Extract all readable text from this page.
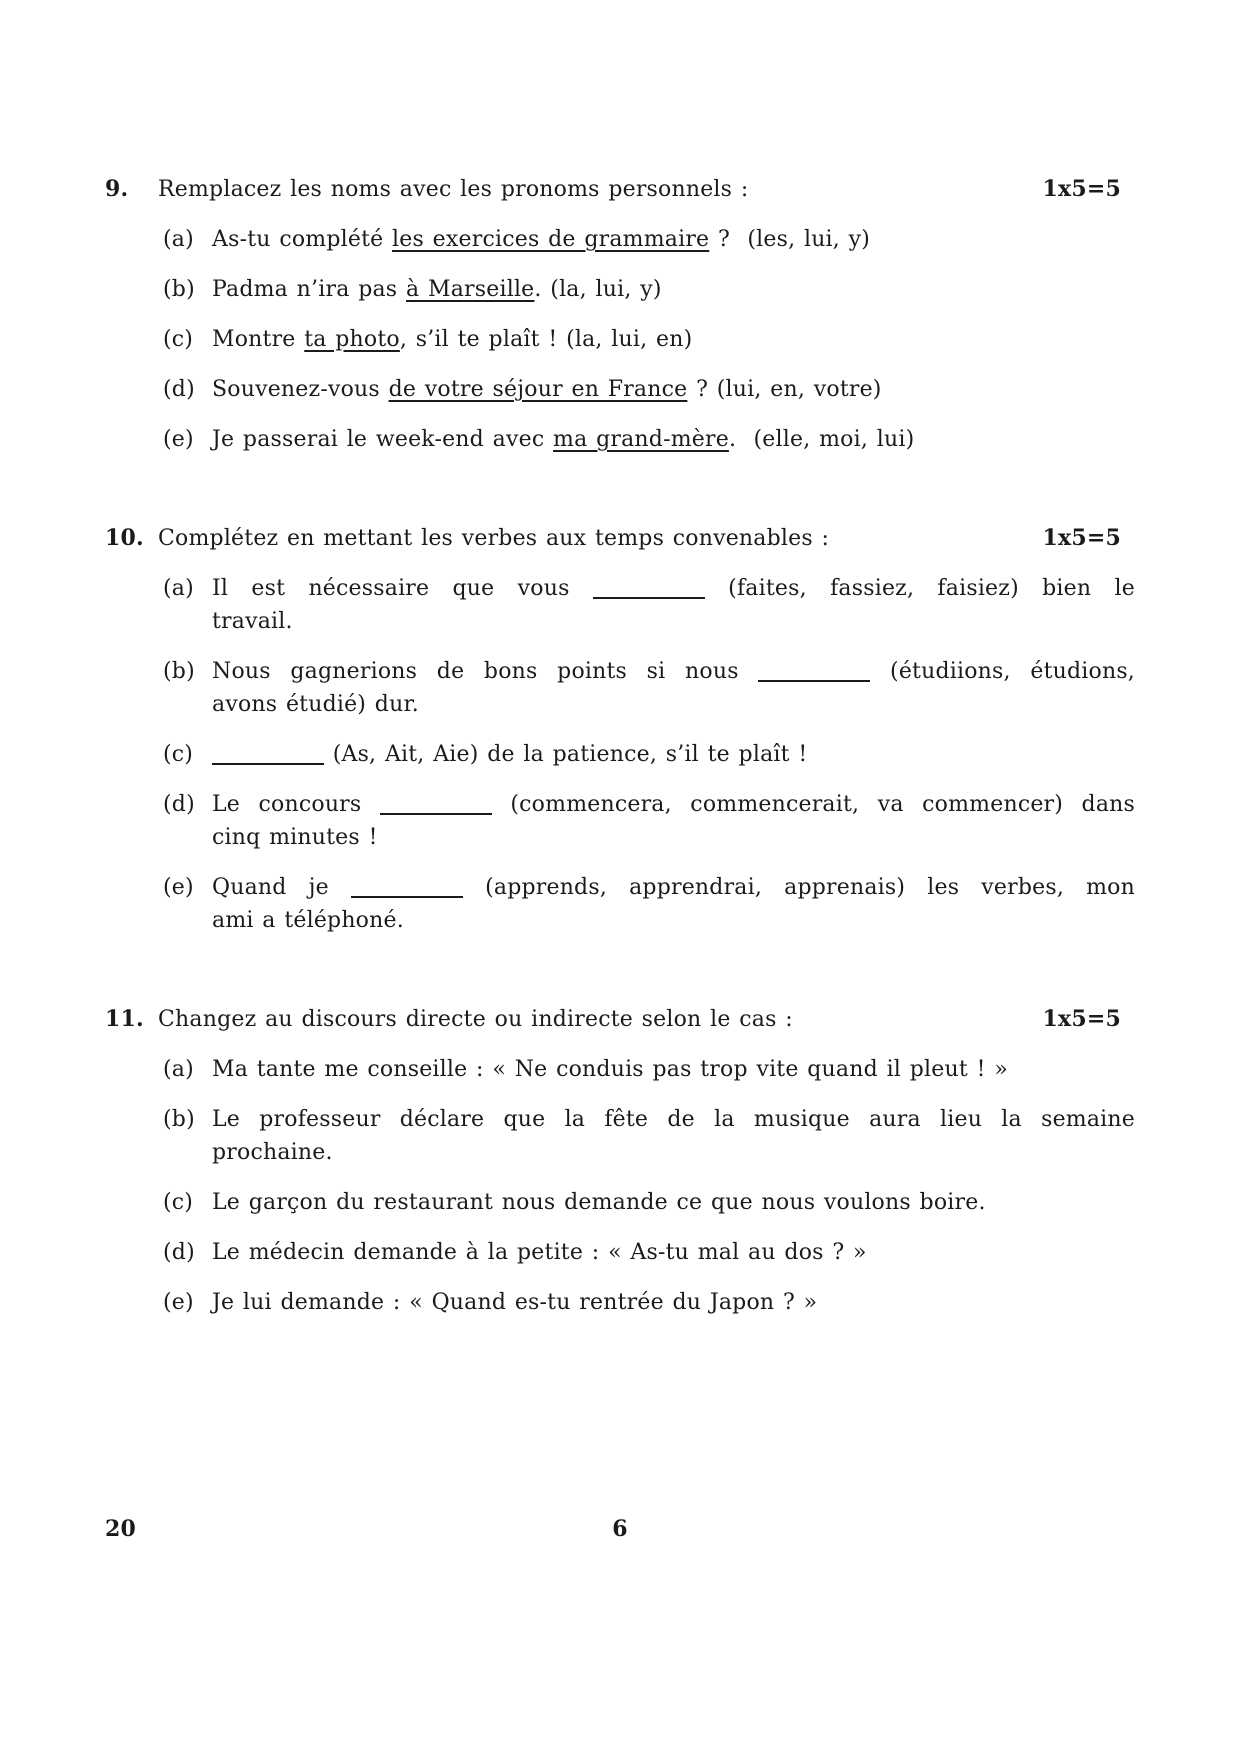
9.	Remplacez les noms avec les pronoms personnels :	1x5=5
(a) As-tu complété les exercices de grammaire ?  (les, lui, y)
(b) Padma n’ira pas à Marseille. (la, lui, y)
(c) Montre ta photo, s’il te plaît ! (la, lui, en)
(d) Souvenez-vous de votre séjour en France ? (lui, en, votre)
(e) Je passerai le week-end avec ma grand-mère.  (elle, moi, lui)
10. Complétez en mettant les verbes aux temps convenables :	1x5=5
(a) Il est nécessaire que vous	(faites, fassiez, faisiez) bien le
travail.
(b) Nous gagnerions de bons points si nous	(étudiions, étudions,
avons étudié) dur.
(c)	(As, Ait, Aie) de la patience, s’il te plaît !
(d) Le concours	(commencera, commencerait, va commencer) dans
cinq minutes !
(e) Quand je	(apprends, apprendrai, apprenais) les verbes, mon
ami a téléphoné.
11. Changez au discours directe ou indirecte selon le cas :	1x5=5
(a) Ma tante me conseille : « Ne conduis pas trop vite quand il pleut ! »
(b) Le professeur déclare que la fête de la musique aura lieu la semaine
prochaine.
(c) Le garçon du restaurant nous demande ce que nous voulons boire.
(d) Le médecin demande à la petite : « As-tu mal au dos ? »
(e) Je lui demande : « Quand es-tu rentrée du Japon ? »
20	6
